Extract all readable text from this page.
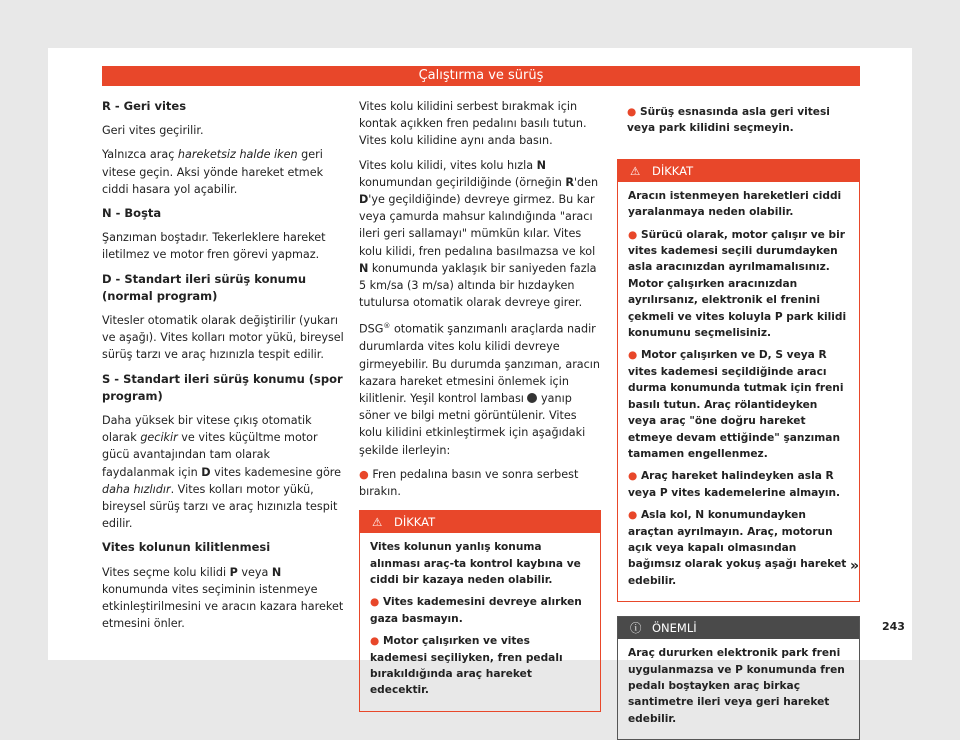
Çalıştırma ve sürüş

R - Geri vites

Geri vites geçirilir.

Yalnızca araç hareketsiz halde iken geri vitese geçin. Aksi yönde hareket etmek ciddi hasara yol açabilir.

N - Boşta

Şanzıman boştadır. Tekerleklere hareket iletilmez ve motor fren görevi yapmaz.

D - Standart ileri sürüş konumu (normal program)

Vitesler otomatik olarak değiştirilir (yukarı ve aşağı). Vites kolları motor yükü, bireysel sürüş tarzı ve araç hızınızla tespit edilir.

S - Standart ileri sürüş konumu (spor program)

Daha yüksek bir vitese çıkış otomatik olarak gecikir ve vites küçültme motor gücü avantajından tam olarak faydalanmak için D vites kademesine göre daha hızlıdır. Vites kolları motor yükü, bireysel sürüş tarzı ve araç hızınızla tespit edilir.

Vites kolunun kilitlenmesi

Vites seçme kolu kilidi P veya N konumunda vites seçiminin istenmeye etkinleştirilmesini ve aracın kazara hareket etmesini önler.

Vites kolu kilidini serbest bırakmak için kontak açıkken fren pedalını basılı tutun. Vites kolu kilidine aynı anda basın.

Vites kolu kilidi, vites kolu hızla N konumundan geçirildiğinde (örneğin R'den D'ye geçildiğinde) devreye girmez. Bu kar veya çamurda mahsur kalındığında "aracı ileri geri sallamayı" mümkün kılar. Vites kolu kilidi, fren pedalına basılmazsa ve kol N konumunda yaklaşık bir saniyeden fazla 5 km/sa (3 m/sa) altında bir hızdayken tutulursa otomatik olarak devreye girer.

DSG® otomatik şanzımanlı araçlarda nadir durumlarda vites kolu kilidi devreye girmeyebilir. Bu durumda şanzıman, aracın kazara hareket etmesini önlemek için kilitlenir. Yeşil kontrol lambası  yanıp söner ve bilgi metni görüntülenir. Vites kolu kilidini etkinleştirmek için aşağıdaki şekilde ilerleyin:

● Fren pedalına basın ve sonra serbest bırakın.

⚠ DİKKAT

Vites kolunun yanlış konuma alınması araç-ta kontrol kaybına ve ciddi bir kazaya neden olabilir.

● Vites kademesini devreye alırken gaza basmayın.

● Motor çalışırken ve vites kademesi seçiliyken, fren pedalı bırakıldığında araç hareket edecektir.

● Sürüş esnasında asla geri vitesi veya park kilidini seçmeyin.

⚠ DİKKAT

Aracın istenmeyen hareketleri ciddi yaralanmaya neden olabilir.

● Sürücü olarak, motor çalışır ve bir vites kademesi seçili durumdayken asla aracınızdan ayrılmamalısınız. Motor çalışırken aracınızdan ayrılırsanız, elektronik el frenini çekmeli ve vites koluyla P park kilidi konumunu seçmelisiniz.

● Motor çalışırken ve D, S veya R vites kademesi seçildiğinde aracı durma konumunda tutmak için freni basılı tutun. Araç rölantideyken veya araç "öne doğru hareket etmeye devam ettiğinde" şanzıman tamamen engellenmez.

● Araç hareket halindeyken asla R veya P vites kademelerine almayın.

● Asla kol, N konumundayken araçtan ayrılmayın. Araç, motorun açık veya kapalı olmasından bağımsız olarak yokuş aşağı hareket edebilir.

ⓘ ÖNEMLİ

Araç dururken elektronik park freni uygulanmazsa ve P konumunda fren pedalı boştayken araç birkaç santimetre ileri veya geri hareket edebilir.

»
243
